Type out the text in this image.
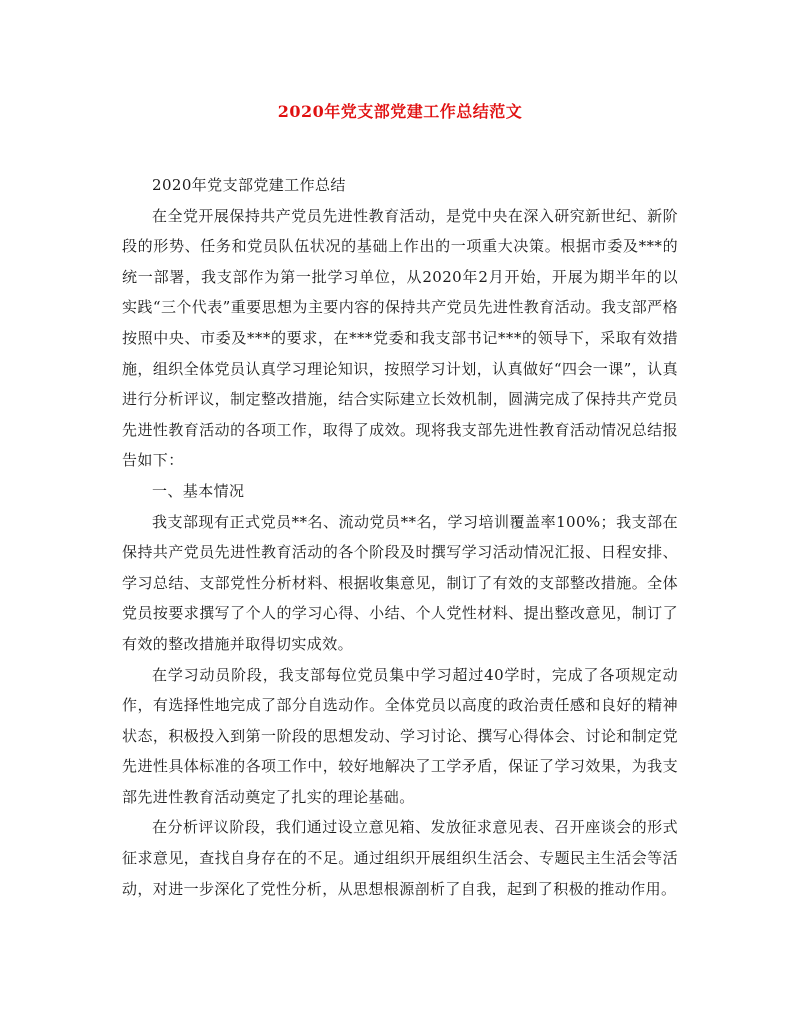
2020年党支部党建工作总结范文

2020年党支部党建工作总结

在全党开展保持共产党员先进性教育活动，是党中央在深入研究新世纪、新阶段的形势、任务和党员队伍状况的基础上作出的一项重大决策。根据市委及***的统一部署，我支部作为第一批学习单位，从2020年2月开始，开展为期半年的以实践“三个代表”重要思想为主要内容的保持共产党员先进性教育活动。我支部严格按照中央、市委及***的要求，在***党委和我支部书记***的领导下，采取有效措施，组织全体党员认真学习理论知识，按照学习计划，认真做好“四会一课”，认真进行分析评议，制定整改措施，结合实际建立长效机制，圆满完成了保持共产党员先进性教育活动的各项工作，取得了成效。现将我支部先进性教育活动情况总结报告如下：

一、基本情况

我支部现有正式党员**名、流动党员**名，学习培训覆盖率100%；我支部在保持共产党员先进性教育活动的各个阶段及时撰写学习活动情况汇报、日程安排、学习总结、支部党性分析材料、根据收集意见，制订了有效的支部整改措施。全体党员按要求撰写了个人的学习心得、小结、个人党性材料、提出整改意见，制订了有效的整改措施并取得切实成效。

在学习动员阶段，我支部每位党员集中学习超过40学时，完成了各项规定动作，有选择性地完成了部分自选动作。全体党员以高度的政治责任感和良好的精神状态，积极投入到第一阶段的思想发动、学习讨论、撰写心得体会、讨论和制定党先进性具体标准的各项工作中，较好地解决了工学矛盾，保证了学习效果，为我支部先进性教育活动奠定了扎实的理论基础。

在分析评议阶段，我们通过设立意见箱、发放征求意见表、召开座谈会的形式征求意见，查找自身存在的不足。通过组织开展组织生活会、专题民主生活会等活动，对进一步深化了党性分析，从思想根源剖析了自我，起到了积极的推动作用。
